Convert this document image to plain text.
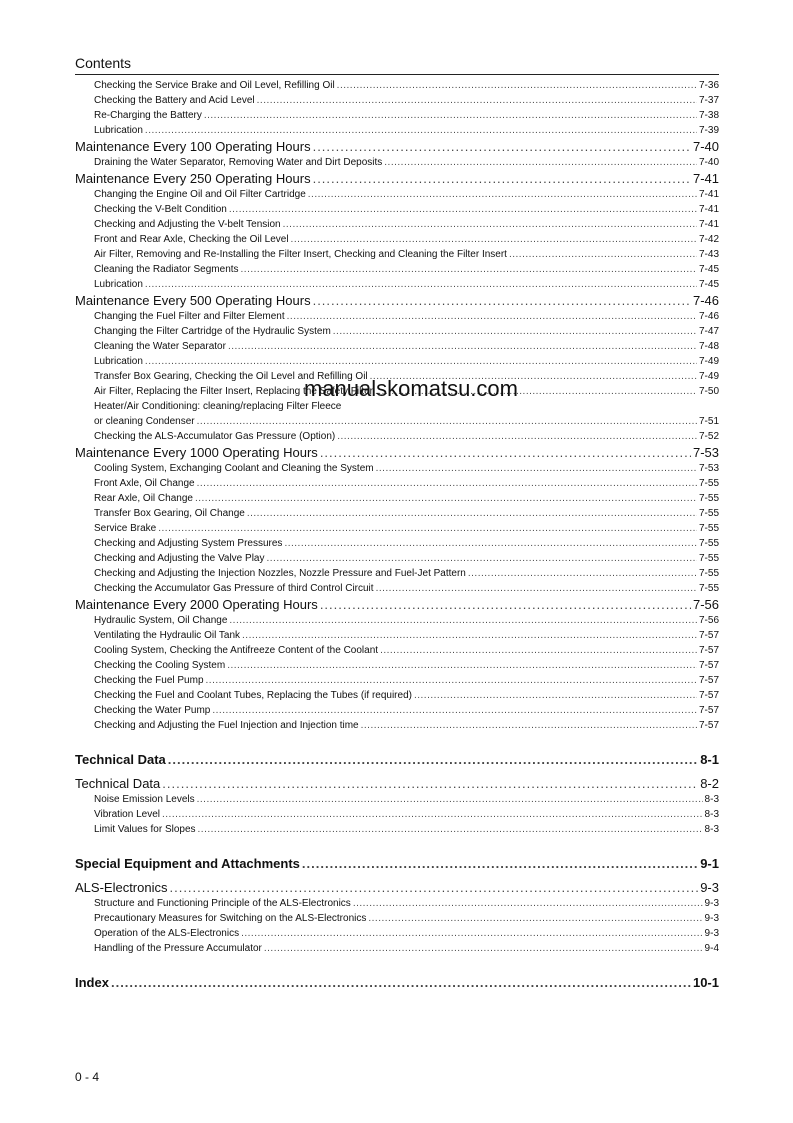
Contents
Checking the Service Brake and Oil Level, Refilling Oil .....	7-36
Checking the Battery and Acid Level .....	7-37
Re-Charging the Battery .....	7-38
Lubrication .....	7-39
Maintenance Every 100 Operating Hours .....	7-40
Draining the Water Separator, Removing Water and Dirt Deposits .....	7-40
Maintenance Every 250 Operating Hours .....	7-41
Changing the Engine Oil and Oil Filter Cartridge .....	7-41
Checking the V-Belt Condition .....	7-41
Checking and Adjusting the V-belt Tension .....	7-41
Front and Rear Axle, Checking the Oil Level .....	7-42
Air Filter, Removing and Re-Installing the Filter Insert, Checking and Cleaning the Filter Insert .....	7-43
Cleaning the Radiator Segments .....	7-45
Lubrication .....	7-45
Maintenance Every 500 Operating Hours .....	7-46
Changing the Fuel Filter and Filter Element .....	7-46
Changing the Filter Cartridge of the Hydraulic System .....	7-47
Cleaning the Water Separator .....	7-48
Lubrication .....	7-49
Transfer Box Gearing, Checking the Oil Level and Refilling Oil .....	7-49
Air Filter, Replacing the Filter Insert, Replacing the Safety Filter .....	7-50
Heater/Air Conditioning: cleaning/replacing Filter Fleece
or cleaning Condenser .....	7-51
Checking the ALS-Accumulator Gas Pressure (Option) .....	7-52
Maintenance Every 1000 Operating Hours .....	7-53
Cooling System, Exchanging Coolant and Cleaning the System .....	7-53
Front Axle, Oil Change .....	7-55
Rear Axle, Oil Change .....	7-55
Transfer Box Gearing, Oil Change .....	7-55
Service Brake .....	7-55
Checking and Adjusting System Pressures .....	7-55
Checking and Adjusting the Valve Play .....	7-55
Checking and Adjusting the Injection Nozzles, Nozzle Pressure and Fuel-Jet Pattern .....	7-55
Checking the Accumulator Gas Pressure of third Control Circuit .....	7-55
Maintenance Every 2000 Operating Hours .....	7-56
Hydraulic System, Oil Change .....	7-56
Ventilating the Hydraulic Oil Tank .....	7-57
Cooling System, Checking the Antifreeze Content of the Coolant .....	7-57
Checking the Cooling System .....	7-57
Checking the Fuel Pump .....	7-57
Checking the Fuel and Coolant Tubes, Replacing the Tubes (if required) .....	7-57
Checking the Water Pump .....	7-57
Checking and Adjusting the Fuel Injection and Injection time .....	7-57
Technical Data .....	8-1
Technical Data .....	8-2
Noise Emission Levels .....	8-3
Vibration Level .....	8-3
Limit Values for Slopes .....	8-3
Special Equipment and Attachments .....	9-1
ALS-Electronics .....	9-3
Structure and Functioning Principle of the ALS-Electronics .....	9-3
Precautionary Measures for Switching on the ALS-Electronics .....	9-3
Operation of the ALS-Electronics .....	9-3
Handling of the Pressure Accumulator .....	9-4
Index .....	10-1
manualskomatsu.com
0 - 4
